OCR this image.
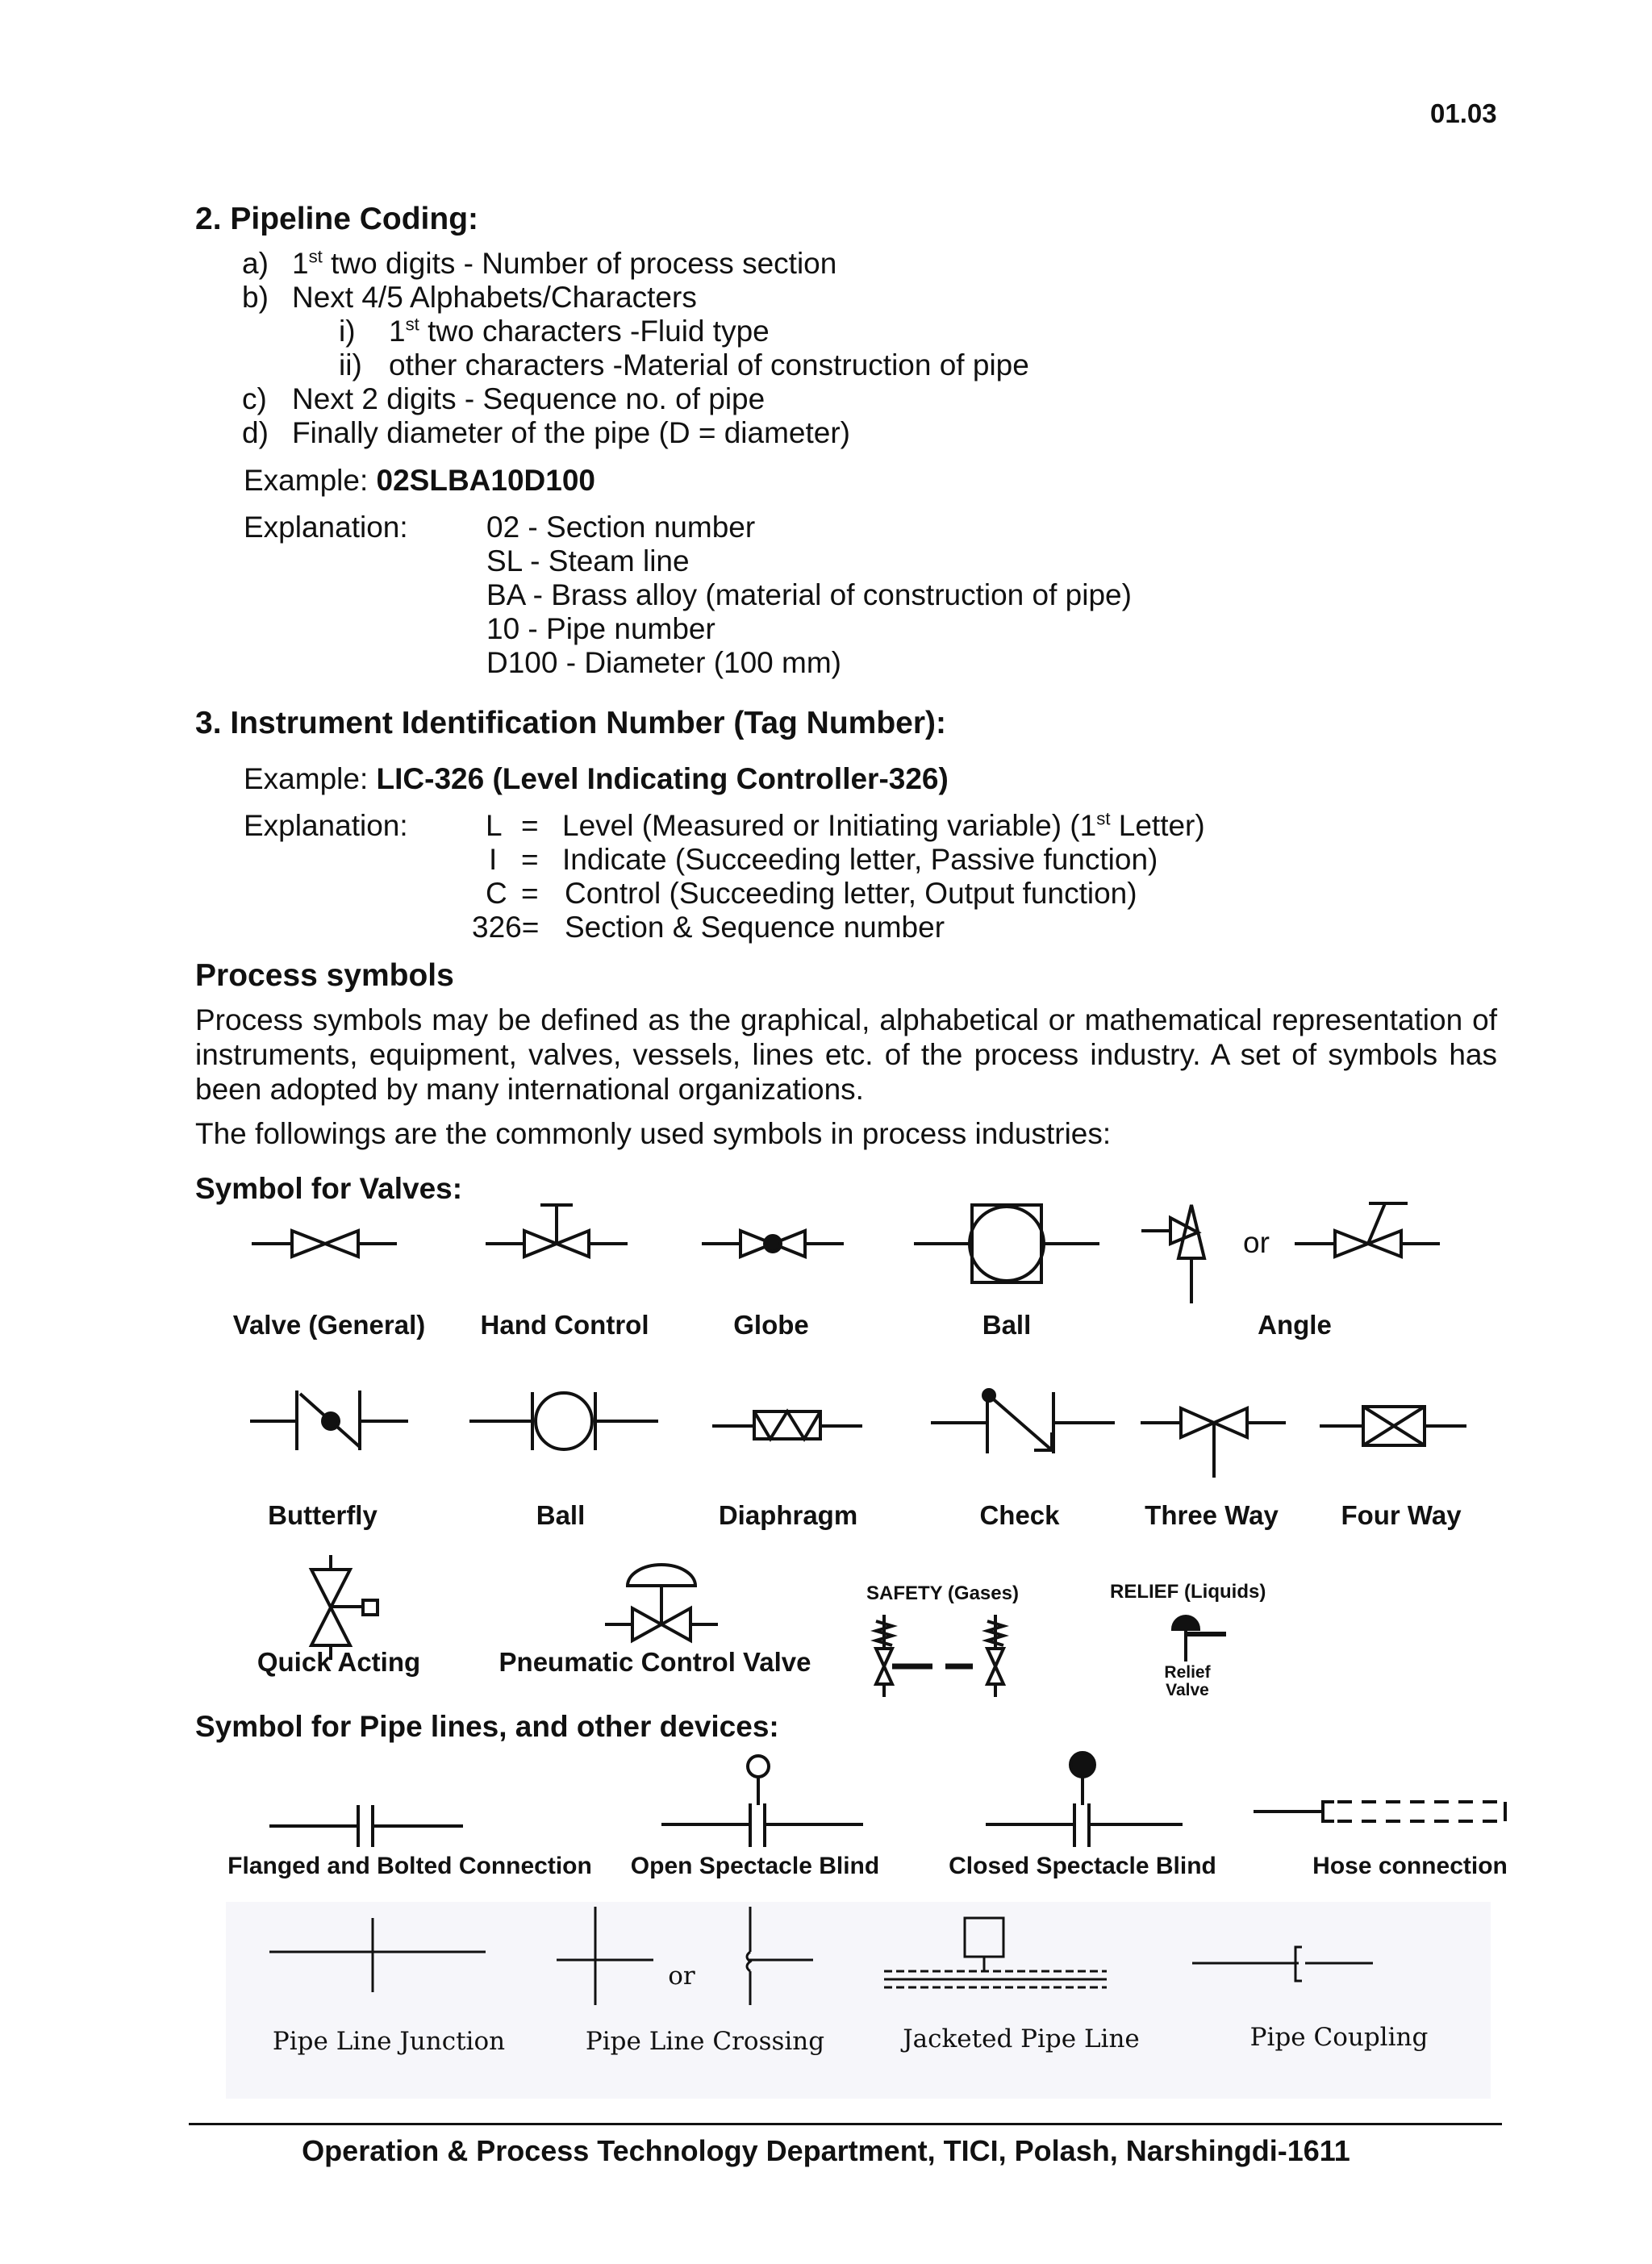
01.03
2. Pipeline Coding:
a) 1st two digits - Number of process section
b) Next 4/5 Alphabets/Characters
i) 1st two characters -Fluid type
ii) other characters -Material of construction of pipe
c) Next 2 digits - Sequence no. of pipe
d) Finally diameter of the pipe (D = diameter)
Example: 02SLBA10D100
Explanation:	02 - Section number
SL - Steam line
BA - Brass alloy (material of construction of pipe)
10 - Pipe number
D100 - Diameter (100 mm)
3. Instrument Identification Number (Tag Number):
Example: LIC-326 (Level Indicating Controller-326)
Explanation:	L = Level (Measured or Initiating variable) (1st Letter)
I = Indicate (Succeeding letter, Passive function)
C = Control (Succeeding letter, Output function)
326= Section & Sequence number
Process symbols
Process symbols may be defined as the graphical, alphabetical or mathematical representation of instruments, equipment, valves, vessels, lines etc. of the process industry. A set of symbols has been adopted by many international organizations.
The followings are the commonly used symbols in process industries:
Symbol for Valves:
or
Valve (General) Hand Control	Globe	Ball	Angle
Butterfly	Ball	Diaphragm	Check	Three Way Four Way
SAFETY (Gases)	RELIEF (Liquids)
Relief
Valve
Quick Acting	Pneumatic Control Valve
Symbol for Pipe lines, and other devices:
Flanged and Bolted Connection Open Spectacle Blind	Closed Spectacle Blind	Hose connection
or
Pipe Line Junction	Pipe Line Crossing	Jacketed Pipe Line	Pipe Coupling
Operation & Process Technology Department, TICI, Polash, Narshingdi-1611
